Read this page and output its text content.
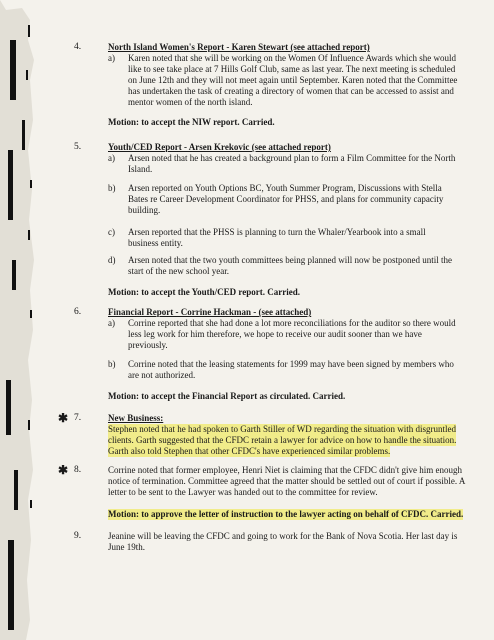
4.	North Island Women's Report - Karen Stewart (see attached report)
a) Karen noted that she will be working on the Women Of Influence Awards which she would
like to see take place at 7 Hills Golf Club, same as last year. The next meeting is scheduled
on June 12th and they will not meet again until September. Karen noted that the Committee
has undertaken the task of creating a directory of women that can be accessed to assist and
mentor women of the north island.
Motion: to accept the NIW report. Carried.
5.	Youth/CED Report - Arsen Krekovic (see attached report)
a) Arsen noted that he has created a background plan to form a Film Committee for the North
Island.
b) Arsen reported on Youth Options BC, Youth Summer Program, Discussions with Stella
Bates re Career Development Coordinator for PHSS, and plans for community capacity
building.
c) Arsen reported that the PHSS is planning to turn the Whaler/Yearbook into a small
business entity.
d) Arsen noted that the two youth committees being planned will now be postponed until the
start of the new school year.
Motion: to accept the Youth/CED report. Carried.
6.	Financial Report - Corrine Hackman - (see attached)
a) Corrine reported that she had done a lot more reconciliations for the auditor so there would
less leg work for him therefore, we hope to receive our audit sooner than we have
previously.
b) Corrine noted that the leasing statements for 1999 may have been signed by members who
are not authorized.
Motion: to accept the Financial Report as circulated. Carried.
✱ 7.	New Business:
Stephen noted that he had spoken to Garth Stiller of WD regarding the situation with disgruntled
clients. Garth suggested that the CFDC retain a lawyer for advice on how to handle the situation.
Garth also told Stephen that other CFDC's have experienced similar problems.
✱ 8.	Corrine noted that former employee, Henri Niet is claiming that the CFDC didn't give him enough
notice of termination. Committee agreed that the matter should be settled out of court if possible. A
letter to be sent to the Lawyer was handed out to the committee for review.
Motion: to approve the letter of instruction to the lawyer acting on behalf of CFDC. Carried.
9.	Jeanine will be leaving the CFDC and going to work for the Bank of Nova Scotia. Her last day is
June 19th.
